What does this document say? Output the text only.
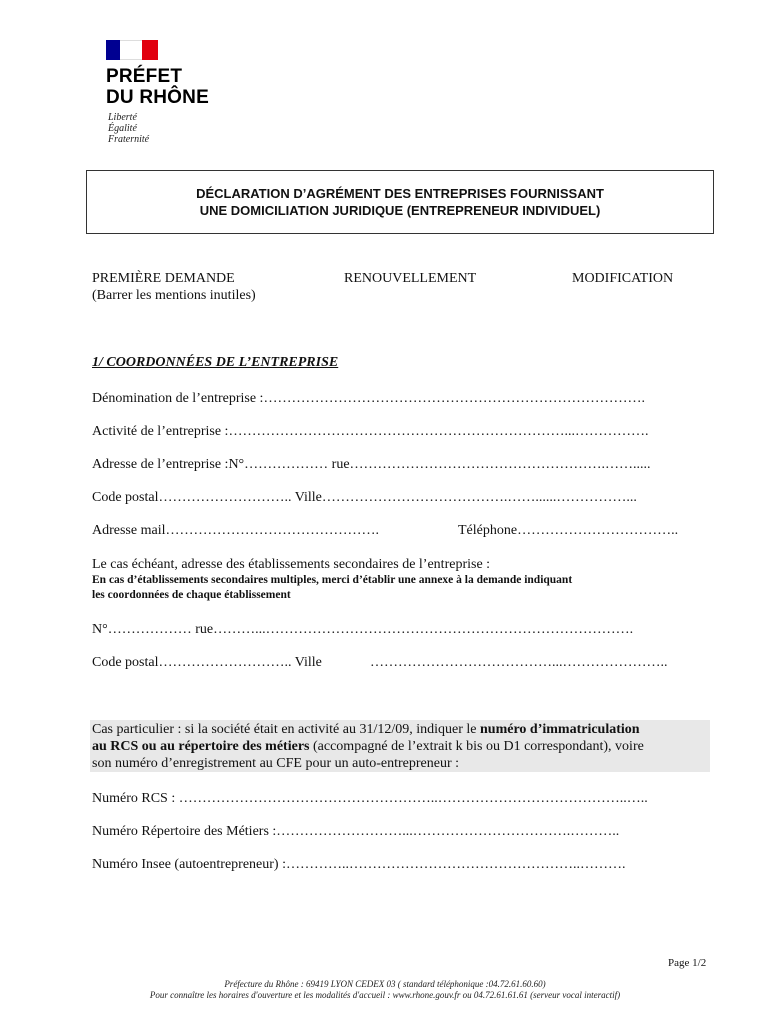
PRÉFET
DU RHÔNE
Liberté
Égalité
Fraternité
DÉCLARATION D’AGRÉMENT DES ENTREPRISES FOURNISSANT
UNE DOMICILIATION JURIDIQUE (ENTREPRENEUR INDIVIDUEL)
PREMIÈRE DEMANDE	RENOUVELLEMENT	MODIFICATION
(Barrer les mentions inutiles)
1/ COORDONNÉES DE L’ENTREPRISE
Dénomination de l’entreprise :……………………………………………………………………….
Activité de l’entreprise :………………………………………………………………...…………….
Adresse de l’entreprise :N°……………… rue……………………………………………….…….....
Code postal……………………….. Ville………………………………….……......……………...
Adresse mail……………………………………….	Téléphone……………………………..
Le cas échéant, adresse des établissements secondaires de l’entreprise :
En cas d’établissements secondaires multiples, merci d’établir une annexe à la demande indiquant
les coordonnées de chaque établissement
N°……………… rue………...…………………………………………………………………….
Code postal……………………….. Ville	…………………………………...…………………..
Cas particulier : si la société était en activité au 31/12/09, indiquer le numéro d’immatriculation
au RCS ou au répertoire des métiers (accompagné de l’extrait k bis ou D1 correspondant), voire
son numéro d’enregistrement au CFE pour un auto-entrepreneur :
Numéro RCS : ………………………………………………..…………………………………..…..
Numéro Répertoire des Métiers :………………………...…………………………….………..
Numéro Insee (autoentrepreneur) :…………..…………………………………………..……….
Page 1/2
Préfecture du Rhône : 69419 LYON CEDEX 03 ( standard téléphonique :04.72.61.60.60)
Pour connaître les horaires d'ouverture et les modalités d'accueil : www.rhone.gouv.fr ou 04.72.61.61.61 (serveur vocal interactif)
